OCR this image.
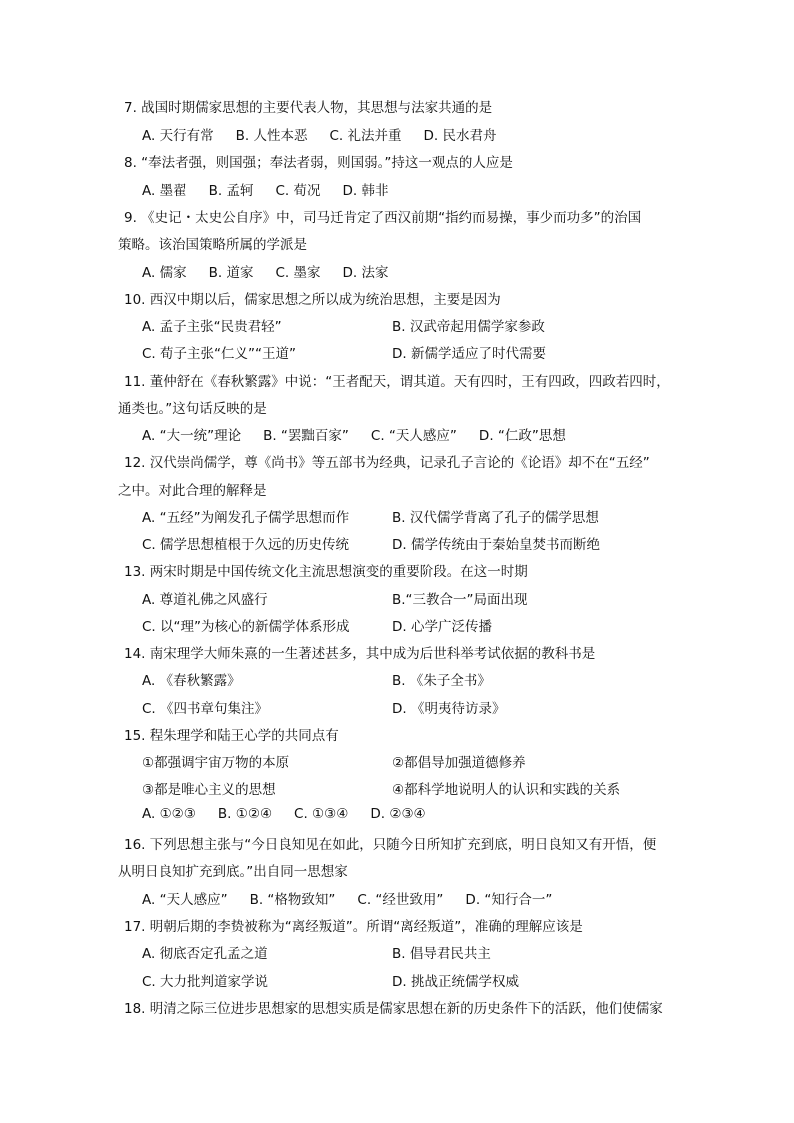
7. 战国时期儒家思想的主要代表人物，其思想与法家共通的是
A. 天行有常 B. 人性本恶 C. 礼法并重 D. 民水君舟
8. “奉法者强，则国强；奉法者弱，则国弱。”持这一观点的人应是
A. 墨翟 B. 孟轲 C. 荀况 D. 韩非
9. 《史记・太史公自序》中，司马迁肯定了西汉前期“指约而易操，事少而功多”的治国
策略。该治国策略所属的学派是
A. 儒家 B. 道家 C. 墨家 D. 法家
10. 西汉中期以后，儒家思想之所以成为统治思想，主要是因为
A. 孟子主张“民贵君轻”	B. 汉武帝起用儒学家参政
C. 荀子主张“仁义”“王道”	D. 新儒学适应了时代需要
11. 董仲舒在《春秋繁露》中说：“王者配天，谓其道。天有四时，王有四政，四政若四时，
通类也。”这句话反映的是
A. “大一统”理论 B. “罢黜百家” C. “天人感应” D. “仁政”思想
12. 汉代崇尚儒学，尊《尚书》等五部书为经典，记录孔子言论的《论语》却不在“五经”
之中。对此合理的解释是
A. “五经”为阐发孔子儒学思想而作	B. 汉代儒学背离了孔子的儒学思想
C. 儒学思想植根于久远的历史传统	D. 儒学传统由于秦始皇焚书而断绝
13. 两宋时期是中国传统文化主流思想演变的重要阶段。在这一时期
A. 尊道礼佛之风盛行	B.“三教合一”局面出现
C. 以“理”为核心的新儒学体系形成	D. 心学广泛传播
14. 南宋理学大师朱熹的一生著述甚多，其中成为后世科举考试依据的教科书是
A. 《春秋繁露》	B. 《朱子全书》
C. 《四书章句集注》	D. 《明夷待访录》
15. 程朱理学和陆王心学的共同点有
①都强调宇宙万物的本原	②都倡导加强道德修养
③都是唯心主义的思想	④都科学地说明人的认识和实践的关系
A. ①②③ B. ①②④ C. ①③④ D. ②③④
16. 下列思想主张与“今日良知见在如此，只随今日所知扩充到底，明日良知又有开悟，便
从明日良知扩充到底。”出自同一思想家
A. “天人感应” B. “格物致知” C. “经世致用” D. “知行合一”
17. 明朝后期的李贽被称为“离经叛道”。所谓“离经叛道”，准确的理解应该是
A. 彻底否定孔孟之道	B. 倡导君民共主
C. 大力批判道家学说	D. 挑战正统儒学权威
18. 明清之际三位进步思想家的思想实质是儒家思想在新的历史条件下的活跃，他们使儒家
